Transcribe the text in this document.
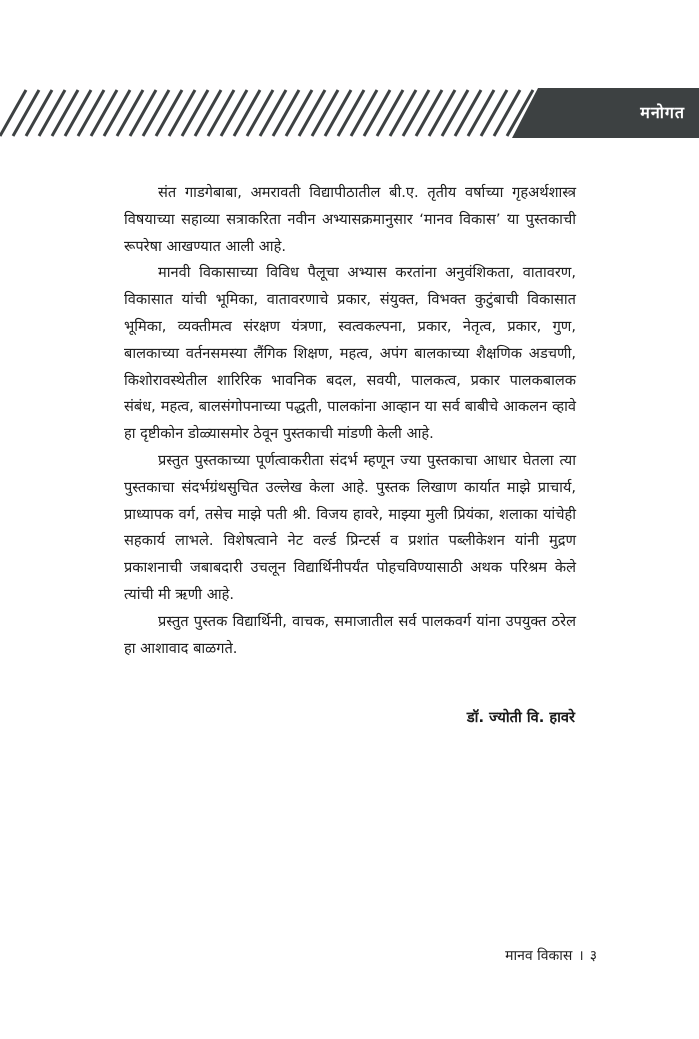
मनोगत

संत गाडगेबाबा, अमरावती विद्यापीठातील बी.ए. तृतीय वर्षाच्या गृहअर्थशास्त्र विषयाच्या सहाव्या सत्राकरिता नवीन अभ्यासक्रमानुसार ‘मानव विकास’ या पुस्तकाची रूपरेषा आखण्यात आली आहे.

मानवी विकासाच्या विविध पैलूचा अभ्यास करतांना अनुवंशिकता, वातावरण, विकासात यांची भूमिका, वातावरणाचे प्रकार, संयुक्त, विभक्त कुटुंबाची विकासात भूमिका, व्यक्तीमत्व संरक्षण यंत्रणा, स्वत्वकल्पना, प्रकार, नेतृत्व, प्रकार, गुण, बालकाच्या वर्तनसमस्या लैंगिक शिक्षण, महत्व, अपंग बालकाच्या शैक्षणिक अडचणी, किशोरावस्थेतील शारिरिक भावनिक बदल, सवयी, पालकत्व, प्रकार पालकबालक संबंध, महत्व, बालसंगोपनाच्या पद्धती, पालकांना आव्हान या सर्व बाबीचे आकलन व्हावे हा दृष्टीकोन डोळ्यासमोर ठेवून पुस्तकाची मांडणी केली आहे.

प्रस्तुत पुस्तकाच्या पूर्णत्वाकरीता संदर्भ म्हणून ज्या पुस्तकाचा आधार घेतला त्या पुस्तकाचा संदर्भग्रंथसुचित उल्लेख केला आहे. पुस्तक लिखाण कार्यात माझे प्राचार्य, प्राध्यापक वर्ग, तसेच माझे पती श्री. विजय हावरे, माझ्या मुली प्रियंका, शलाका यांचेही सहकार्य लाभले. विशेषत्वाने नेट वर्ल्ड प्रिन्टर्स व प्रशांत पब्लीकेशन यांनी मुद्रण प्रकाशनाची जबाबदारी उचलून विद्यार्थिनीपर्यंत पोहचविण्यासाठी अथक परिश्रम केले त्यांची मी ऋणी आहे.

प्रस्तुत पुस्तक विद्यार्थिनी, वाचक, समाजातील सर्व पालकवर्ग यांना उपयुक्त ठरेल हा आशावाद बाळगते.

डॉ. ज्योती वि. हावरे
मानव विकास । ३
